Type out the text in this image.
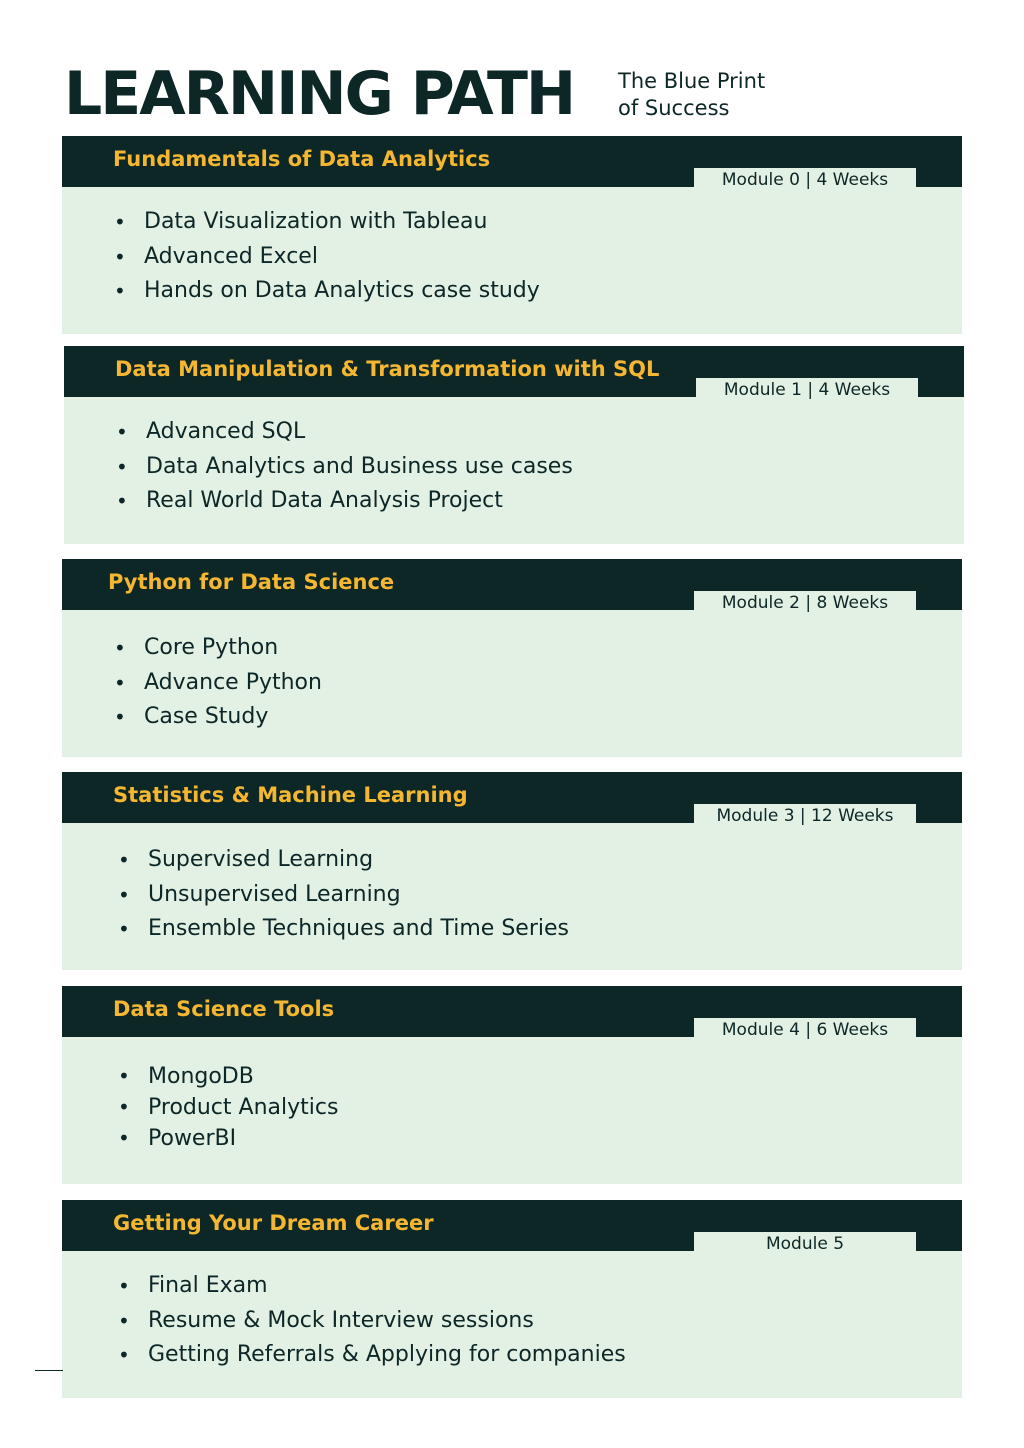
LEARNING PATH The Blue Print
of Success
Fundamentals of Data Analytics
Module 0 | 4 Weeks
• Data Visualization with Tableau
• Advanced Excel
• Hands on Data Analytics case study
Data Manipulation & Transformation with SQL
Module 1 | 4 Weeks
• Advanced SQL
• Data Analytics and Business use cases
• Real World Data Analysis Project
Python for Data Science
Module 2 | 8 Weeks
• Core Python
• Advance Python
• Case Study
Statistics & Machine Learning
Module 3 | 12 Weeks
• Supervised Learning
• Unsupervised Learning
• Ensemble Techniques and Time Series
Data Science Tools
Module 4 | 6 Weeks
• MongoDB
• Product Analytics
• PowerBI
Getting Your Dream Career
Module 5
• Final Exam
• Resume & Mock Interview sessions
• Getting Referrals & Applying for companies
